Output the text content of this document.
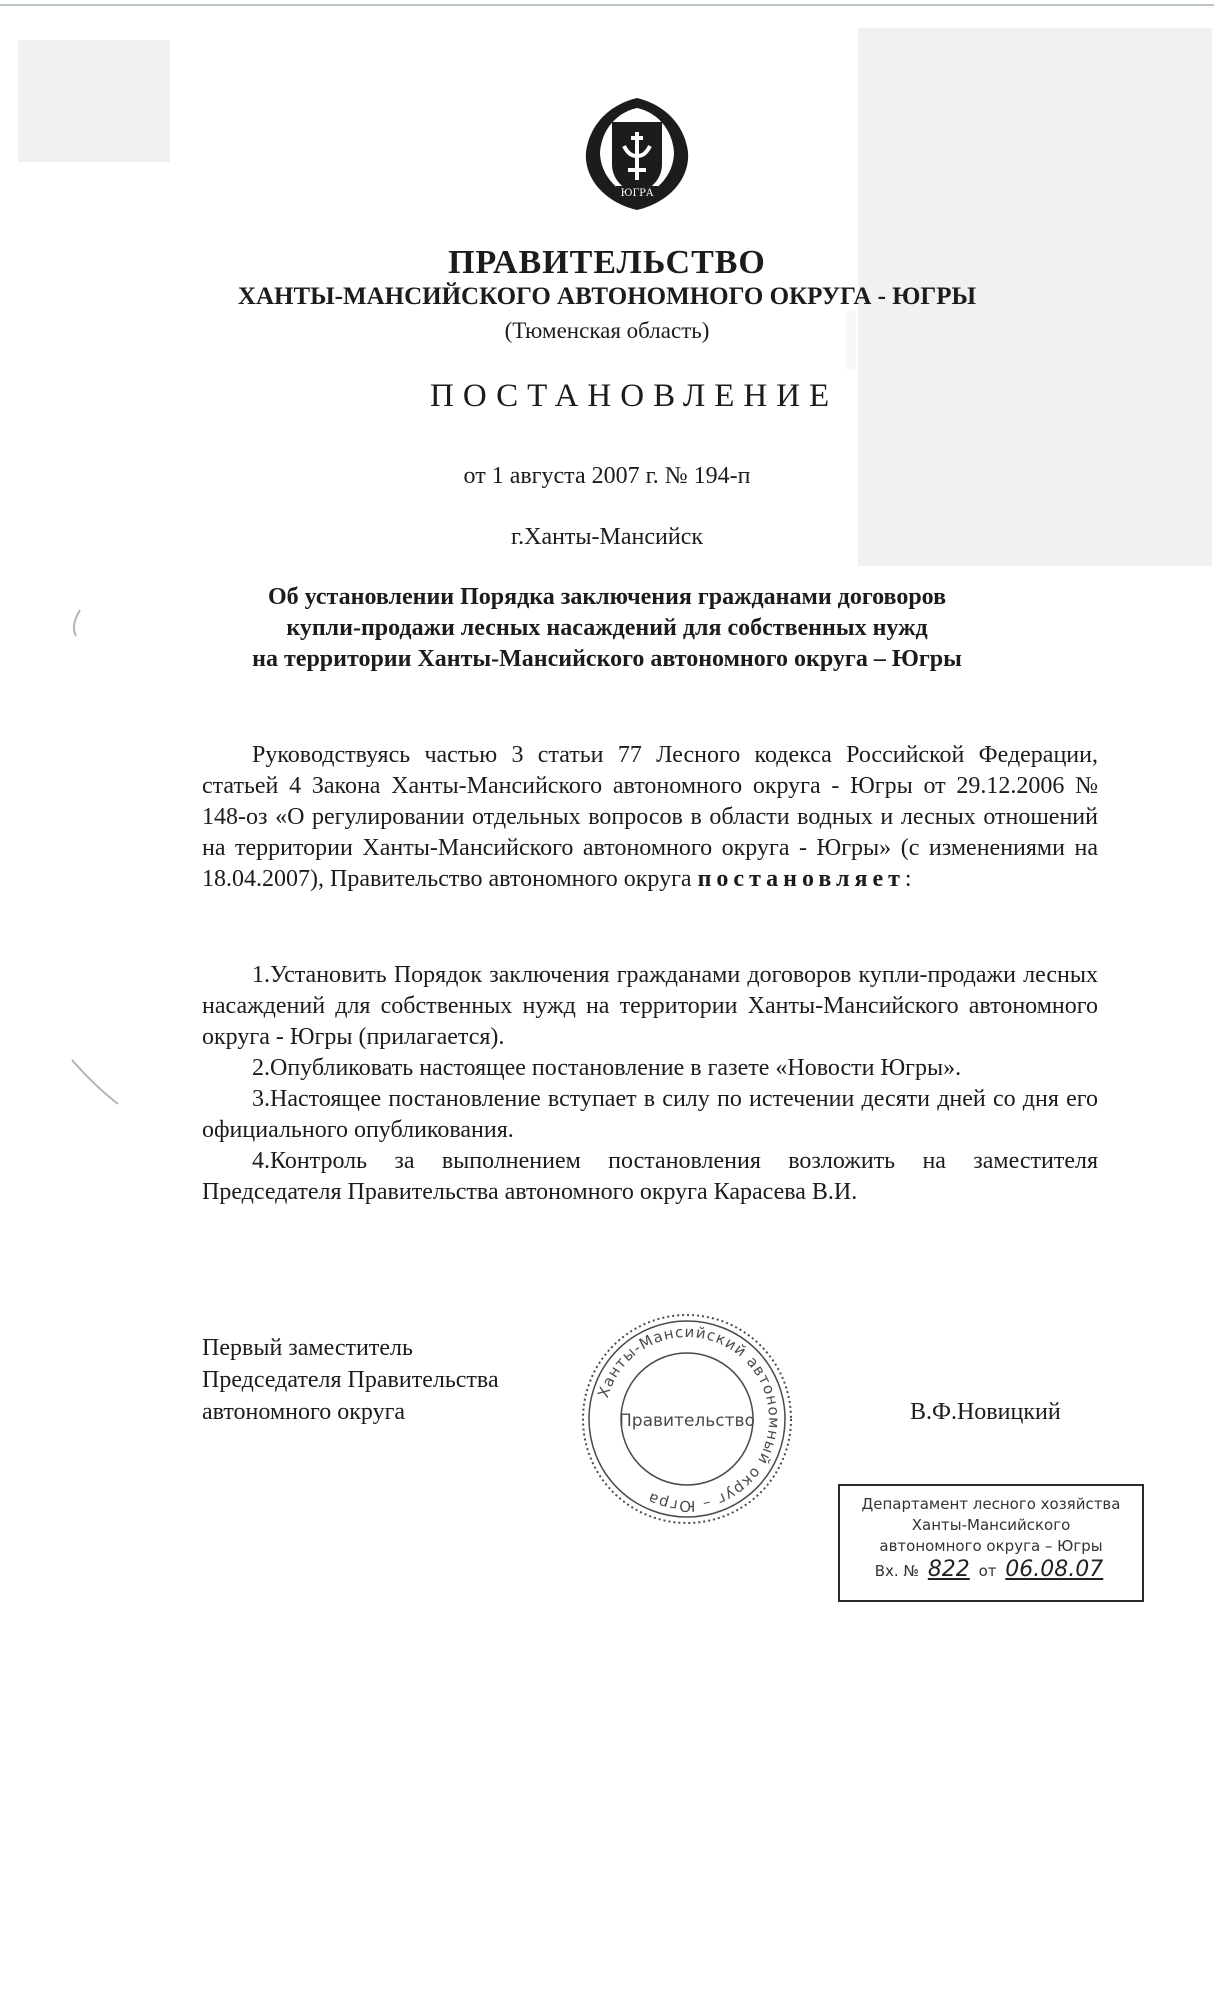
ЮГРА
ПРАВИТЕЛЬСТВО
ХАНТЫ-МАНСИЙСКОГО АВТОНОМНОГО ОКРУГА - ЮГРЫ
(Тюменская область)
ПОСТАНОВЛЕНИЕ
от 1 августа 2007 г. № 194-п
г.Ханты-Мансийск
Об установлении Порядка заключения гражданами договоров
купли-продажи лесных насаждений для собственных нужд
на территории Ханты-Мансийского автономного округа – Югры

Руководствуясь частью 3 статьи 77 Лесного кодекса Российской Федерации, статьей 4 Закона Ханты-Мансийского автономного округа - Югры от 29.12.2006 № 148-оз «О регулировании отдельных вопросов в области водных и лесных отношений на территории Ханты-Мансийского автономного округа - Югры» (с изменениями на 18.04.2007), Правительство автономного округа постановляет:

1.Установить Порядок заключения гражданами договоров купли-продажи лесных насаждений для собственных нужд на территории Ханты-Мансийского автономного округа - Югры (прилагается).

2.Опубликовать настоящее постановление в газете «Новости Югры».

3.Настоящее постановление вступает в силу по истечении десяти дней со дня его официального опубликования.

4.Контроль за выполнением постановления возложить на заместителя Председателя Правительства автономного округа Карасева В.И.

Первый заместитель
Председателя Правительства
автономного округа	В.Ф.Новицкий
Ханты-Мансийский автономный округ – Югра
Правительство
Департамент лесного хозяйства
Ханты-Мансийского
автономного округа – Югры
Вх. № 822 от 06.08.07
